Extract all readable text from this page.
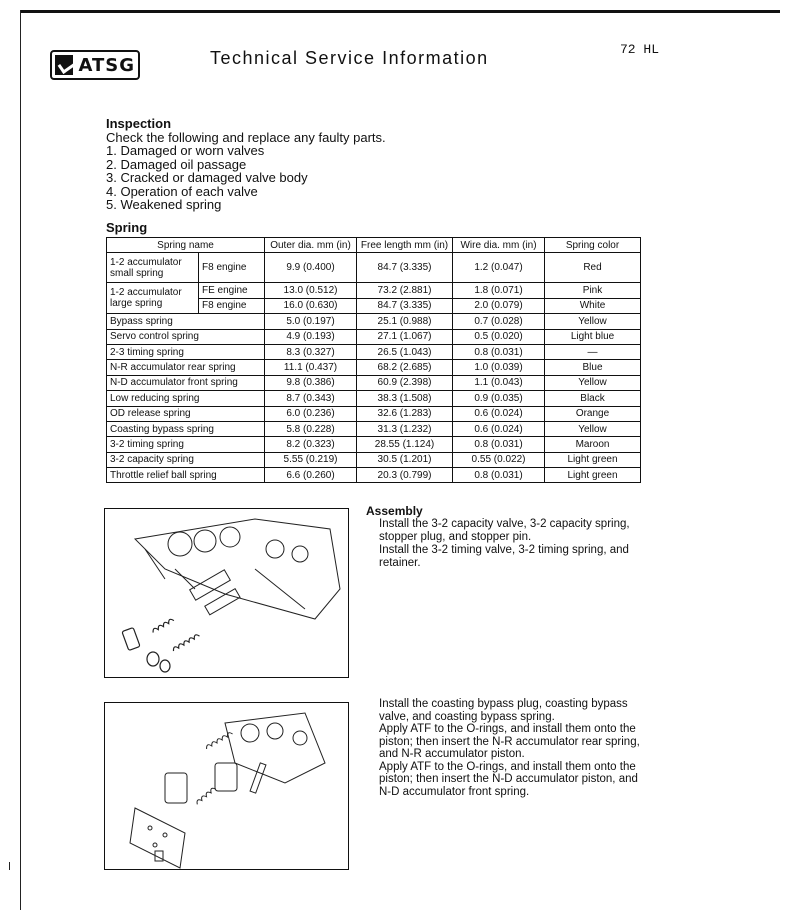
ATSG	Technical Service Information	72 HL
Inspection
Check the following and replace any faulty parts.
1. Damaged or worn valves
2. Damaged oil passage
3. Cracked or damaged valve body
4. Operation of each valve
5. Weakened spring
Spring
Spring name		Outer dia. mm (in)	Free length mm (in)	Wire dia. mm (in)	Spring color
1-2 accumulator small spring	F8 engine	9.9 (0.400)	84.7 (3.335)	1.2 (0.047)	Red
1-2 accumulator large spring	FE engine	13.0 (0.512)	73.2 (2.881)	1.8 (0.071)	Pink
	F8 engine	16.0 (0.630)	84.7 (3.335)	2.0 (0.079)	White
Bypass spring		5.0 (0.197)	25.1 (0.988)	0.7 (0.028)	Yellow
Servo control spring		4.9 (0.193)	27.1 (1.067)	0.5 (0.020)	Light blue
2-3 timing spring		8.3 (0.327)	26.5 (1.043)	0.8 (0.031)	—
N-R accumulator rear spring		11.1 (0.437)	68.2 (2.685)	1.0 (0.039)	Blue
N-D accumulator front spring		9.8 (0.386)	60.9 (2.398)	1.1 (0.043)	Yellow
Low reducing spring		8.7 (0.343)	38.3 (1.508)	0.9 (0.035)	Black
OD release spring		6.0 (0.236)	32.6 (1.283)	0.6 (0.024)	Orange
Coasting bypass spring		5.8 (0.228)	31.3 (1.232)	0.6 (0.024)	Yellow
3-2 timing spring		8.2 (0.323)	28.55 (1.124)	0.8 (0.031)	Maroon
3-2 capacity spring		5.55 (0.219)	30.5 (1.201)	0.55 (0.022)	Light green
Throttle relief ball spring		6.6 (0.260)	20.3 (0.799)	0.8 (0.031)	Light green
Assembly
Install the 3-2 capacity valve, 3-2 capacity spring, stopper plug, and stopper pin.
Install the 3-2 timing valve, 3-2 timing spring, and retainer.
Install the coasting bypass plug, coasting bypass valve, and coasting bypass spring.
Apply ATF to the O-rings, and install them onto the piston; then insert the N-R accumulator rear spring, and N-R accumulator piston.
Apply ATF to the O-rings, and install them onto the piston; then insert the N-D accumulator piston, and N-D accumulator front spring.
